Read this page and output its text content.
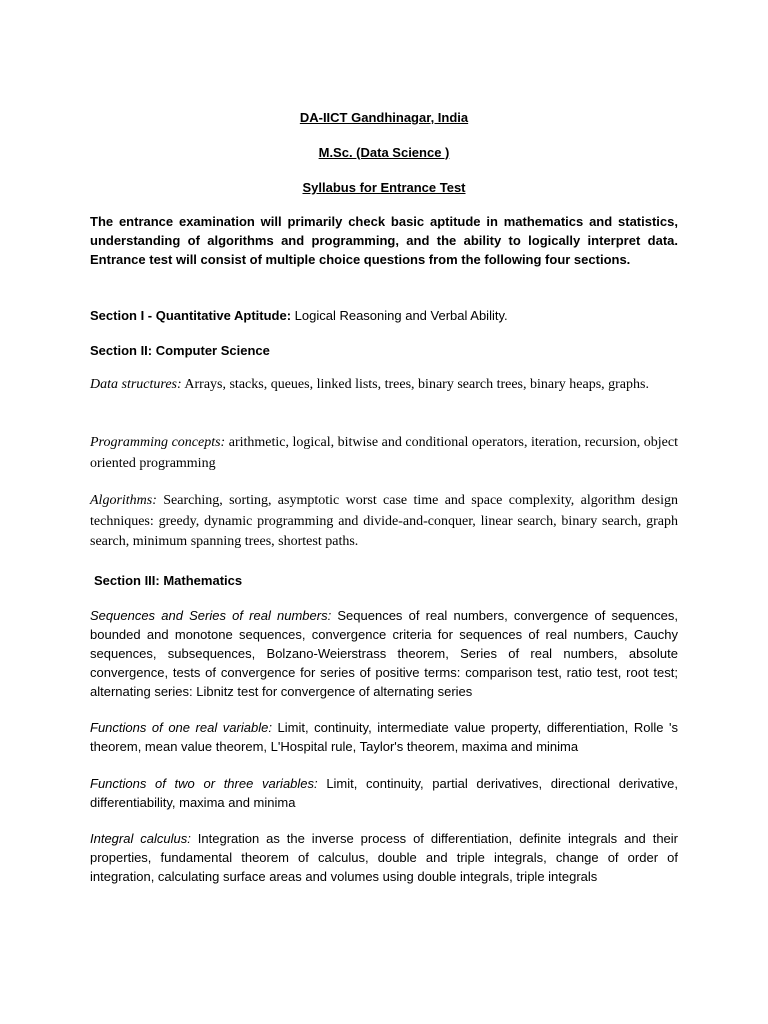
DA-IICT Gandhinagar, India
M.Sc. (Data Science )
Syllabus for Entrance Test

The entrance examination will primarily check basic aptitude in mathematics and statistics, understanding of algorithms and programming, and the ability to logically interpret data. Entrance test will consist of multiple choice questions from the following four sections.

Section I - Quantitative Aptitude: Logical Reasoning and Verbal Ability.

Section II: Computer Science

Data structures: Arrays, stacks, queues, linked lists, trees, binary search trees, binary heaps, graphs.

Programming concepts: arithmetic, logical, bitwise and conditional operators, iteration, recursion, object oriented programming

Algorithms: Searching, sorting, asymptotic worst case time and space complexity, algorithm design techniques: greedy, dynamic programming and divide-and-conquer, linear search, binary search, graph search, minimum spanning trees, shortest paths.

Section III: Mathematics

Sequences and Series of real numbers: Sequences of real numbers, convergence of sequences, bounded and monotone sequences, convergence criteria for sequences of real numbers, Cauchy sequences, subsequences, Bolzano-Weierstrass theorem, Series of real numbers, absolute convergence, tests of convergence for series of positive terms: comparison test, ratio test, root test; alternating series: Libnitz test for convergence of alternating series

Functions of one real variable: Limit, continuity, intermediate value property, differentiation, Rolle 's theorem, mean value theorem, L'Hospital rule, Taylor's theorem, maxima and minima

Functions of two or three variables: Limit, continuity, partial derivatives, directional derivative, differentiability, maxima and minima

Integral calculus: Integration as the inverse process of differentiation, definite integrals and their properties, fundamental theorem of calculus, double and triple integrals, change of order of integration, calculating surface areas and volumes using double integrals, triple integrals
